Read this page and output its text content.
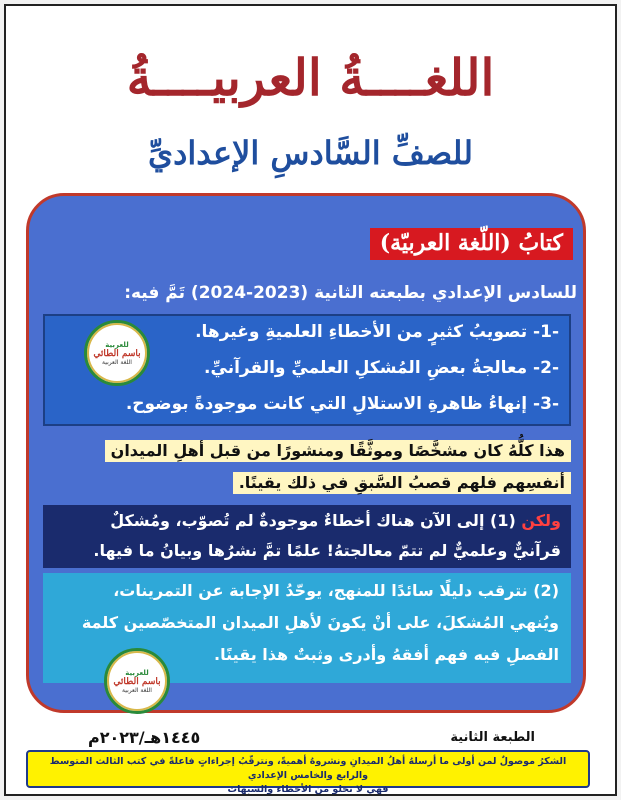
اللغــــةُ العربيــــةُ
للصفِّ السَّادسِ الإعداديِّ
كتابُ (اللّغة العربيّة)
للسادس الإعدادي بطبعته الثانية (2023-2024) تَمَّ فيه:
-1- تصويبُ كثيرٍ من الأخطاءِ العلميةِ وغيرها.
-2- معالجةُ بعضِ المُشكلِ العلميِّ والقرآنيِّ.
-3- إنهاءُ ظاهرةِ الاستلالِ التي كانت موجودةً بوضوح.
للعربية
باسم الطائي
اللغة العربية
هذا كلُّهُ كان مشخَّصًا وموثَّقًا ومنشورًا من قبل أهلِ الميدان
أنفسِهم فلهم قصبُ السَّبقِ في ذلك يقينًا.
ولكن (1) إلى الآن هناك أخطاءٌ موجودةٌ لم تُصوّب، ومُشكلٌ
قرآنيٌّ وعلميٌّ لم تتمّ معالجتهُ! علمًا تمَّ نشرُها وبيانُ ما فيها.
(2) نترقب دليلًا سائدًا للمنهج، يوحّدُ الإجابة عن التمرينات،
ويُنهي المُشكلَ، على أنْ يكونَ لأهلِ الميدان المتخصّصين كلمة
الفصلِ فيه فهم أفقهُ وأدرى وثبتٌ هذا يقينًا.
للعربية
باسم الطائي
اللغة العربية
الطبعة الثانية
١٤٤٥هـ/٢٠٢٣م
الشكرُ موصولٌ لمن أولى ما أرسلهُ أهلُ الميدانِ ونشروهُ أهميةً، ونترقّبُ إجراءاتٍ فاعلةً في كتب الثالث المتوسط والرابع والخامس الإعدادي
فهي لا تخلو من الأخطاء والشبهات
